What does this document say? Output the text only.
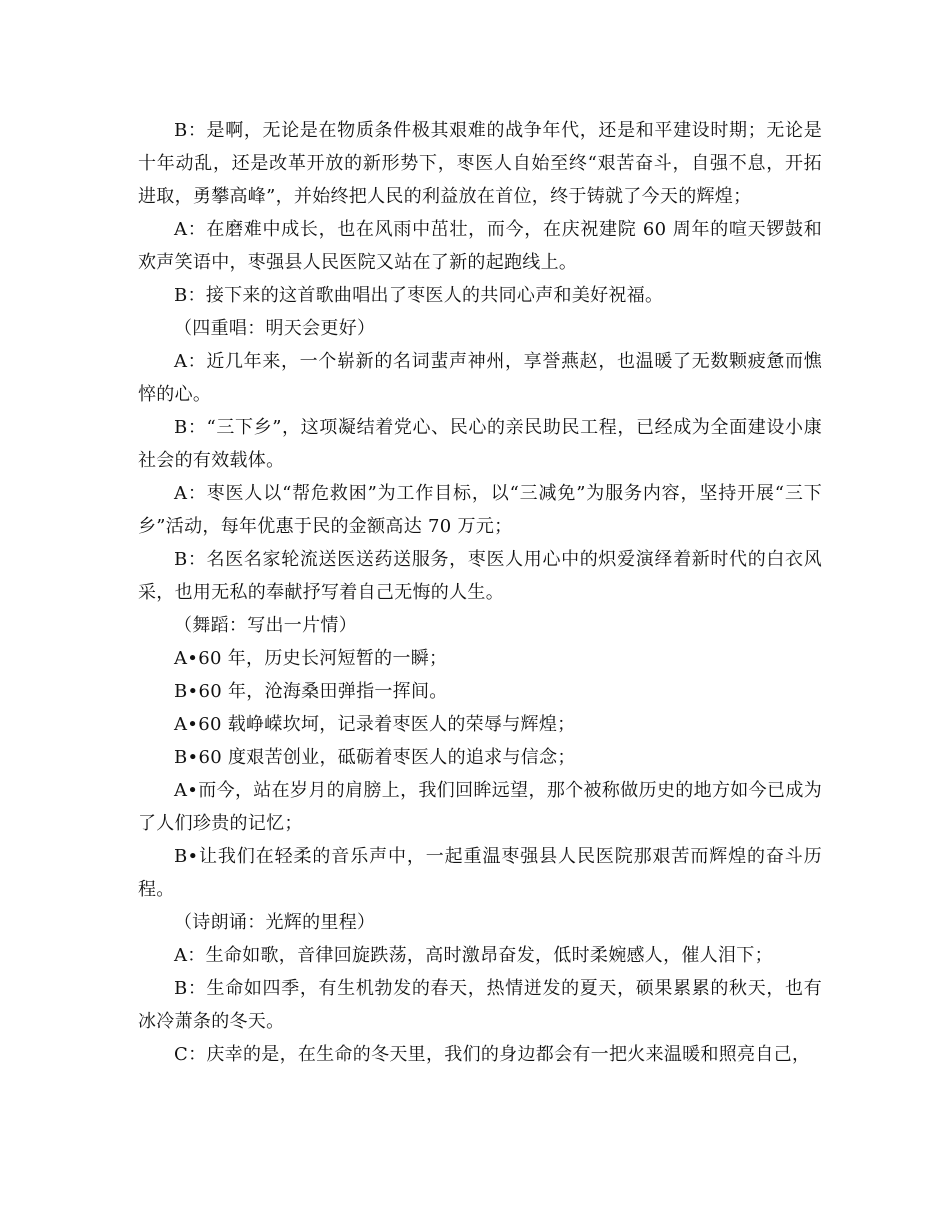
B：是啊，无论是在物质条件极其艰难的战争年代，还是和平建设时期；无论是十年动乱，还是改革开放的新形势下，枣医人自始至终“艰苦奋斗，自强不息，开拓进取，勇攀高峰”，并始终把人民的利益放在首位，终于铸就了今天的辉煌；

A：在磨难中成长，也在风雨中茁壮，而今，在庆祝建院 60 周年的喧天锣鼓和欢声笑语中，枣强县人民医院又站在了新的起跑线上。

B：接下来的这首歌曲唱出了枣医人的共同心声和美好祝福。

（四重唱：明天会更好）

A：近几年来，一个崭新的名词蜚声神州，享誉燕赵，也温暖了无数颗疲惫而憔悴的心。

B：“三下乡”，这项凝结着党心、民心的亲民助民工程，已经成为全面建设小康社会的有效载体。

A：枣医人以“帮危救困”为工作目标，以“三减免”为服务内容，坚持开展“三下乡”活动，每年优惠于民的金额高达 70 万元；

B：名医名家轮流送医送药送服务，枣医人用心中的炽爱演绎着新时代的白衣风采，也用无私的奉献抒写着自己无悔的人生。

（舞蹈：写出一片情）

A•60 年，历史长河短暂的一瞬；

B•60 年，沧海桑田弹指一挥间。

A•60 载峥嵘坎坷，记录着枣医人的荣辱与辉煌；

B•60 度艰苦创业，砥砺着枣医人的追求与信念；

A•而今，站在岁月的肩膀上，我们回眸远望，那个被称做历史的地方如今已成为了人们珍贵的记忆；

B•让我们在轻柔的音乐声中，一起重温枣强县人民医院那艰苦而辉煌的奋斗历程。

（诗朗诵：光辉的里程）

A：生命如歌，音律回旋跌荡，高时激昂奋发，低时柔婉感人，催人泪下；

B：生命如四季，有生机勃发的春天，热情迸发的夏天，硕果累累的秋天，也有冰冷萧条的冬天。

C：庆幸的是，在生命的冬天里，我们的身边都会有一把火来温暖和照亮自己，
